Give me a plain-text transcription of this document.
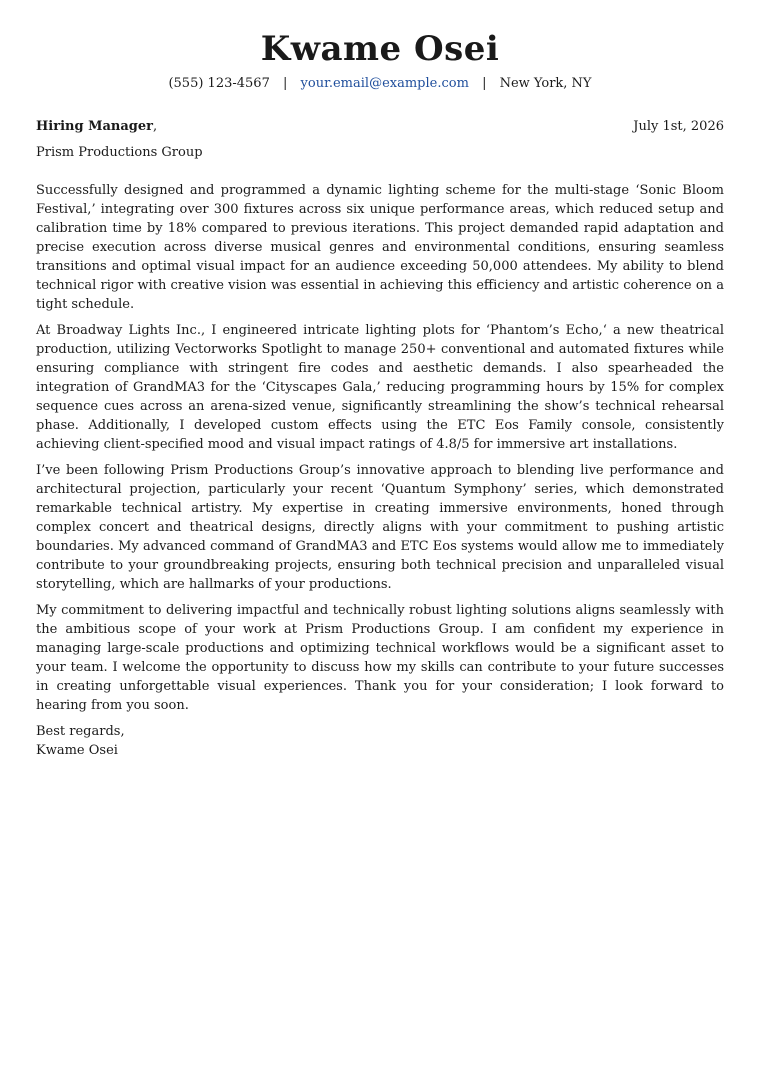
Kwame Osei
(555) 123-4567 | your.email@example.com | New York, NY
Hiring Manager,	July 1st, 2026
Prism Productions Group

Successfully designed and programmed a dynamic lighting scheme for the multi-stage ‘Sonic Bloom Festival,’ integrating over 300 fixtures across six unique performance areas, which reduced setup and calibration time by 18% compared to previous iterations. This project demanded rapid adaptation and precise execution across diverse musical genres and environmental conditions, ensuring seamless transitions and optimal visual impact for an audience exceeding 50,000 attendees. My ability to blend technical rigor with creative vision was essential in achieving this efficiency and artistic coherence on a tight schedule.

At Broadway Lights Inc., I engineered intricate lighting plots for ‘Phantom’s Echo,‘ a new theatrical production, utilizing Vectorworks Spotlight to manage 250+ conventional and automated fixtures while ensuring compliance with stringent fire codes and aesthetic demands. I also spearheaded the integration of GrandMA3 for the ‘Cityscapes Gala,’ reducing programming hours by 15% for complex sequence cues across an arena-sized venue, significantly streamlining the show’s technical rehearsal phase. Additionally, I developed custom effects using the ETC Eos Family console, consistently achieving client-specified mood and visual impact ratings of 4.8/5 for immersive art installations.

I’ve been following Prism Productions Group’s innovative approach to blending live performance and architectural projection, particularly your recent ‘Quantum Symphony’ series, which demonstrated remarkable technical artistry. My expertise in creating immersive environments, honed through complex concert and theatrical designs, directly aligns with your commitment to pushing artistic boundaries. My advanced command of GrandMA3 and ETC Eos systems would allow me to immediately contribute to your groundbreaking projects, ensuring both technical precision and unparalleled visual storytelling, which are hallmarks of your productions.

My commitment to delivering impactful and technically robust lighting solutions aligns seamlessly with the ambitious scope of your work at Prism Productions Group. I am confident my experience in managing large-scale productions and optimizing technical workflows would be a significant asset to your team. I welcome the opportunity to discuss how my skills can contribute to your future successes in creating unforgettable visual experiences. Thank you for your consideration; I look forward to hearing from you soon.

Best regards,
Kwame Osei
